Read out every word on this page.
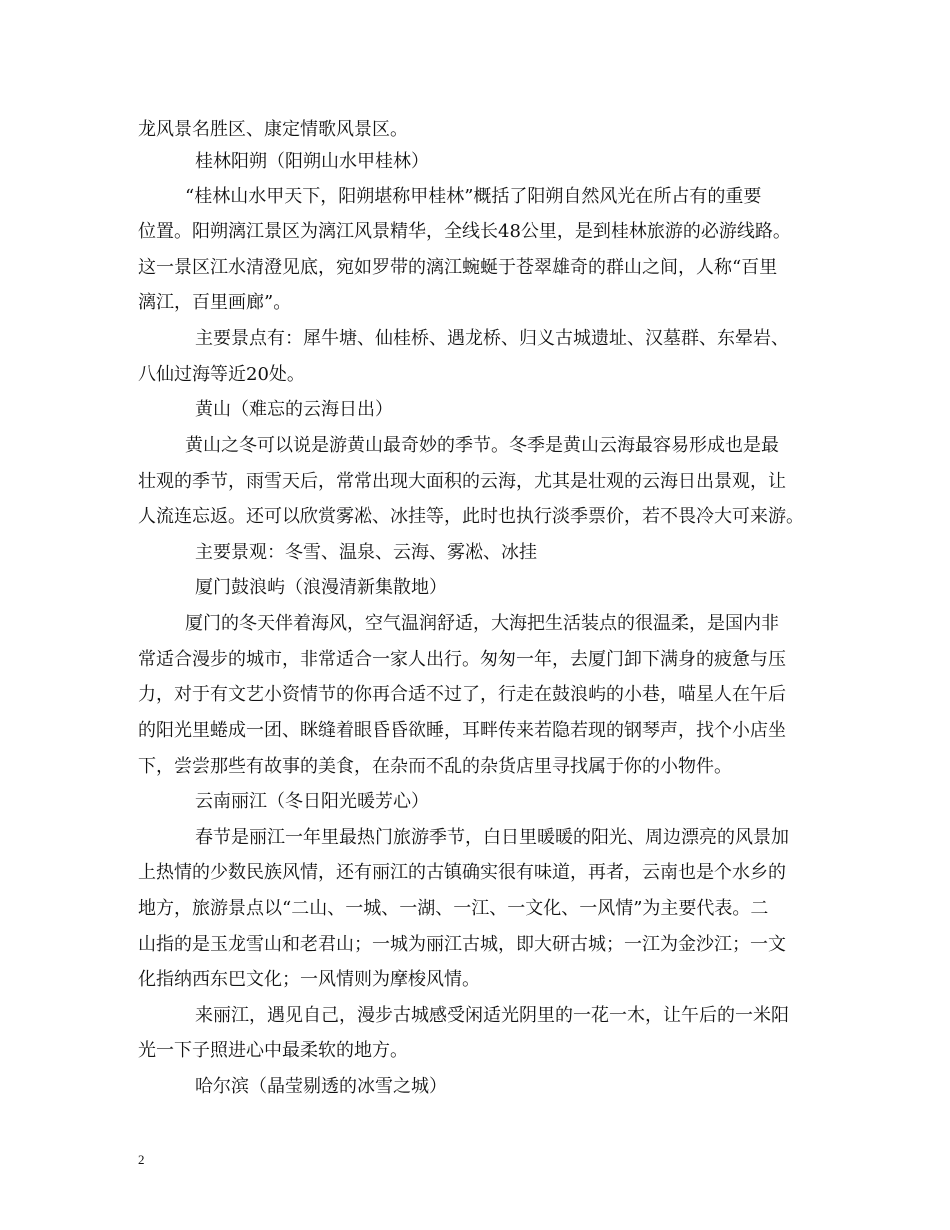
龙风景名胜区、康定情歌风景区。
桂林阳朔（阳朔山水甲桂林）
“桂林山水甲天下，阳朔堪称甲桂林”概括了阳朔自然风光在所占有的重要
位置。阳朔漓江景区为漓江风景精华，全线长48公里，是到桂林旅游的必游线路。
这一景区江水清澄见底，宛如罗带的漓江蜿蜒于苍翠雄奇的群山之间，人称“百里
漓江，百里画廊”。
主要景点有：犀牛塘、仙桂桥、遇龙桥、归义古城遗址、汉墓群、东晕岩、
八仙过海等近20处。
黄山（难忘的云海日出）
黄山之冬可以说是游黄山最奇妙的季节。冬季是黄山云海最容易形成也是最
壮观的季节，雨雪天后，常常出现大面积的云海，尤其是壮观的云海日出景观，让
人流连忘返。还可以欣赏雾凇、冰挂等，此时也执行淡季票价，若不畏冷大可来游。
主要景观：冬雪、温泉、云海、雾凇、冰挂
厦门鼓浪屿（浪漫清新集散地）
厦门的冬天伴着海风，空气温润舒适，大海把生活装点的很温柔，是国内非
常适合漫步的城市，非常适合一家人出行。匆匆一年，去厦门卸下满身的疲惫与压
力，对于有文艺小资情节的你再合适不过了，行走在鼓浪屿的小巷，喵星人在午后
的阳光里蜷成一团、眯缝着眼昏昏欲睡，耳畔传来若隐若现的钢琴声，找个小店坐
下，尝尝那些有故事的美食，在杂而不乱的杂货店里寻找属于你的小物件。
云南丽江（冬日阳光暖芳心）
春节是丽江一年里最热门旅游季节，白日里暖暖的阳光、周边漂亮的风景加
上热情的少数民族风情，还有丽江的古镇确实很有味道，再者，云南也是个水乡的
地方，旅游景点以“二山、一城、一湖、一江、一文化、一风情”为主要代表。二
山指的是玉龙雪山和老君山；一城为丽江古城，即大研古城；一江为金沙江；一文
化指纳西东巴文化；一风情则为摩梭风情。
来丽江，遇见自己，漫步古城感受闲适光阴里的一花一木，让午后的一米阳
光一下子照进心中最柔软的地方。
哈尔滨（晶莹剔透的冰雪之城）
2
